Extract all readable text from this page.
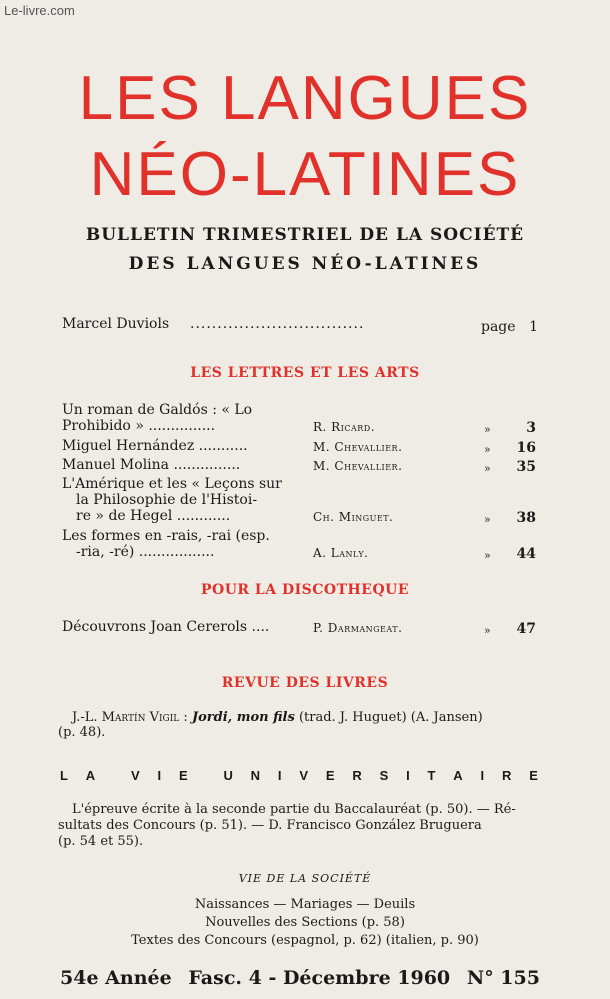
Le-livre.com
LES LANGUES
NÉO-LATINES
BULLETIN TRIMESTRIEL DE LA SOCIÉTÉ
DES LANGUES NÉO-LATINES
Marcel Duviols ................................	page 1
LES LETTRES ET LES ARTS
Un roman de Galdós : « Lo
Prohibido » ...............	R. Ricard.	»	3
Miguel Hernández ...........	M. Chevallier.	»	16
Manuel Molina ...............	M. Chevallier.	»	35
L'Amérique et les « Leçons sur
la Philosophie de l'Histoi-
re » de Hegel ............	Ch. Minguet.	»	38
Les formes en -rais, -rai (esp.
-ria, -ré) .................	A. Lanly.	»	44
POUR LA DISCOTHEQUE
Découvrons Joan Cererols ....	P. Darmangeat.	»	47
REVUE DES LIVRES
J.-L. Martín Vigil : Jordi, mon fils (trad. J. Huguet) (A. Jansen)
(p. 48).
L A	V I E	U N I V E R S I T A I R E
L'épreuve écrite à la seconde partie du Baccalauréat (p. 50). — Ré-
sultats des Concours (p. 51). — D. Francisco González Bruguera
(p. 54 et 55).
VIE DE LA SOCIÉTÉ
Naissances — Mariages — Deuils
Nouvelles des Sections (p. 58)
Textes des Concours (espagnol, p. 62) (italien, p. 90)
54e Année Fasc. 4 - Décembre 1960 N° 155
